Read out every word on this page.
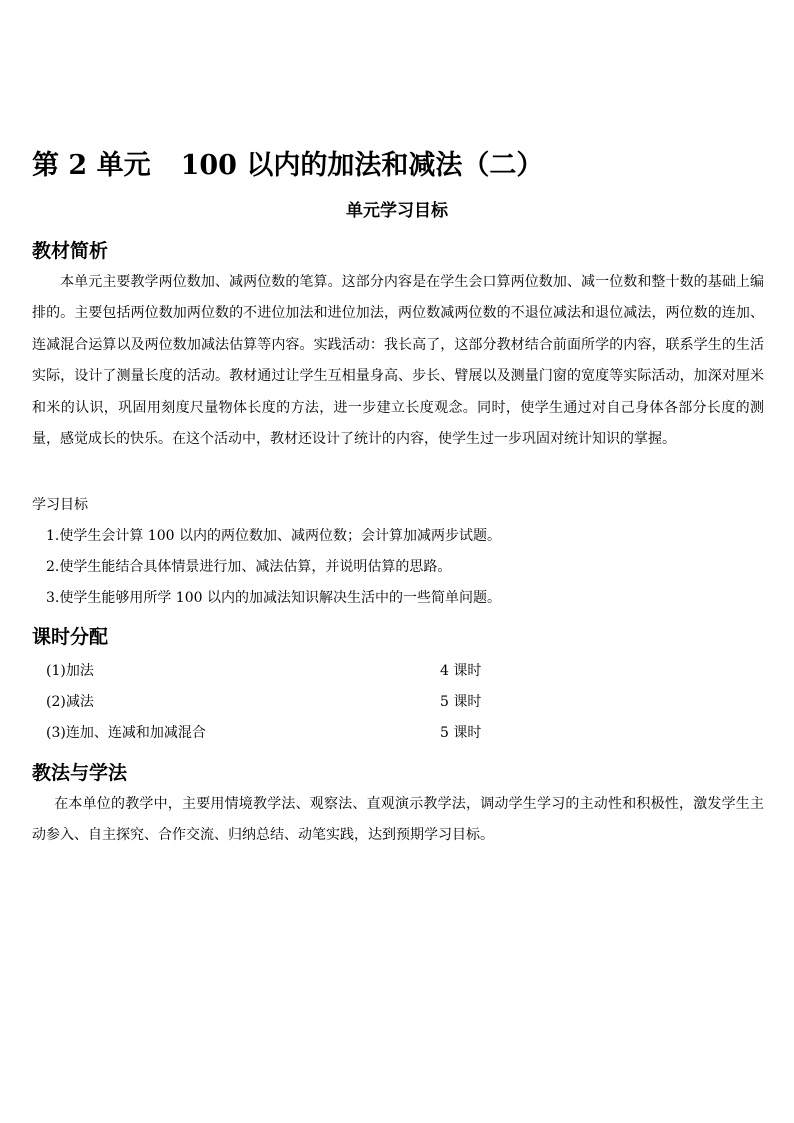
第 2 单元 100 以内的加法和减法（二）
单元学习目标
教材简析

本单元主要教学两位数加、减两位数的笔算。这部分内容是在学生会口算两位数加、减一位数和整十数的基础上编排的。主要包括两位数加两位数的不进位加法和进位加法，两位数减两位数的不退位减法和退位减法，两位数的连加、连减混合运算以及两位数加减法估算等内容。实践活动：我长高了，这部分教材结合前面所学的内容，联系学生的生活实际，设计了测量长度的活动。教材通过让学生互相量身高、步长、臂展以及测量门窗的宽度等实际活动，加深对厘米和米的认识，巩固用刻度尺量物体长度的方法，进一步建立长度观念。同时，使学生通过对自己身体各部分长度的测量，感觉成长的快乐。在这个活动中，教材还设计了统计的内容，使学生过一步巩固对统计知识的掌握。

学习目标
1.使学生会计算 100 以内的两位数加、减两位数；会计算加减两步试题。
2.使学生能结合具体情景进行加、减法估算，并说明估算的思路。
3.使学生能够用所学 100 以内的加减法知识解决生活中的一些简单问题。
课时分配
(1)加法	4 课时
(2)减法	5 课时
(3)连加、连减和加减混合	5 课时
教法与学法

在本单位的教学中，主要用情境教学法、观察法、直观演示教学法，调动学生学习的主动性和积极性，激发学生主动参入、自主探究、合作交流、归纳总结、动笔实践，达到预期学习目标。
